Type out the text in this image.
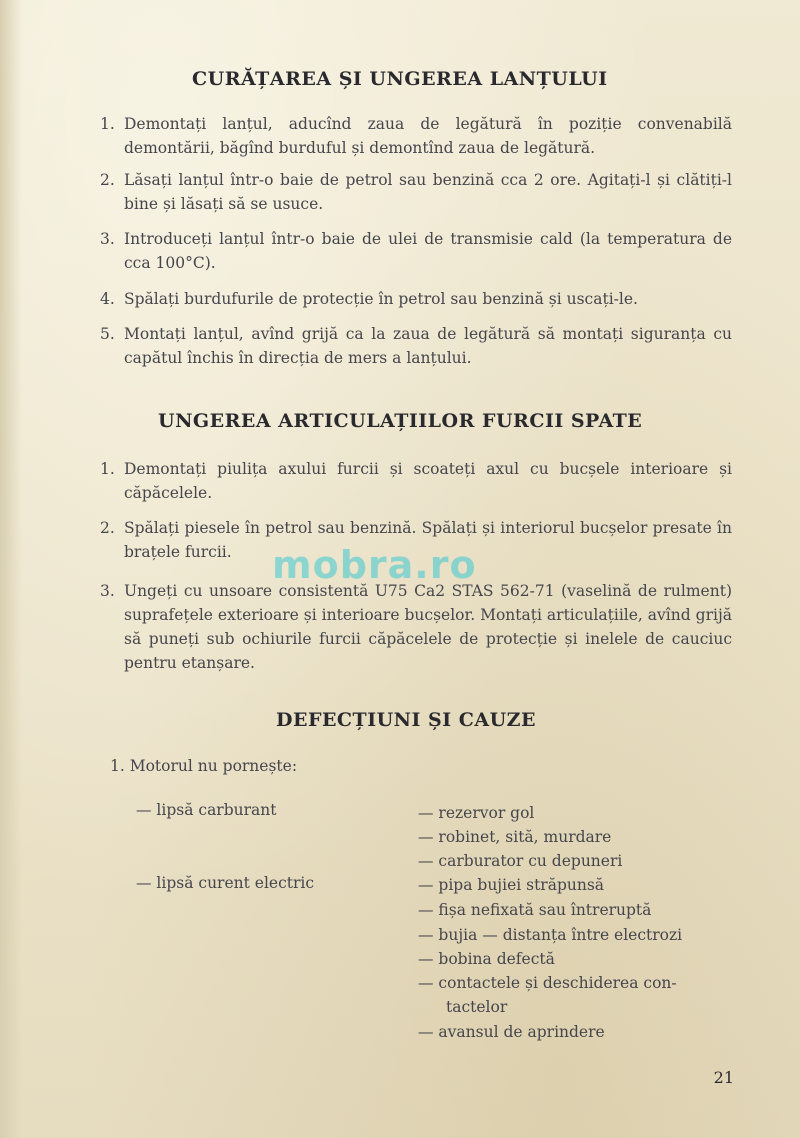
CURĂȚAREA ȘI UNGEREA LANȚULUI
1. Demontați lanțul, aducînd zaua de legătură în poziție convenabilă demontării, băgînd burduful și demontînd zaua de legătură.
2. Lăsați lanțul într-o baie de petrol sau benzină cca 2 ore. Agitați-l și clătiți-l bine și lăsați să se usuce.
3. Introduceți lanțul într-o baie de ulei de transmisie cald (la temperatura de cca 100°C).
4. Spălați burdufurile de protecție în petrol sau benzină și uscați-le.
5. Montați lanțul, avînd grijă ca la zaua de legătură să montați siguranța cu capătul închis în direcția de mers a lanțului.
UNGEREA ARTICULAȚIILOR FURCII SPATE
1. Demontați piulița axului furcii și scoateți axul cu bucșele interioare și căpăcelele.
2. Spălați piesele în petrol sau benzină. Spălați și interiorul bucșelor presate în brațele furcii.
3. Ungeți cu unsoare consistentă U75 Ca2 STAS 562-71 (vaselină de rulment) suprafețele exterioare și interioare bucșelor. Montați articulațiile, avînd grijă să puneți sub ochiurile furcii căpăcelele de protecție și inelele de cauciuc pentru etanșare.
mobra.ro
DEFECȚIUNI ȘI CAUZE
1. Motorul nu pornește:
— lipsă carburant	— rezervor gol
— robinet, sită, murdare
— carburator cu depuneri
— lipsă curent electric	— pipa bujiei străpunsă
— fișa nefixată sau întreruptă
— bujia — distanța între electrozi
— bobina defectă
— contactele și deschiderea con-
tactelor
— avansul de aprindere
21
